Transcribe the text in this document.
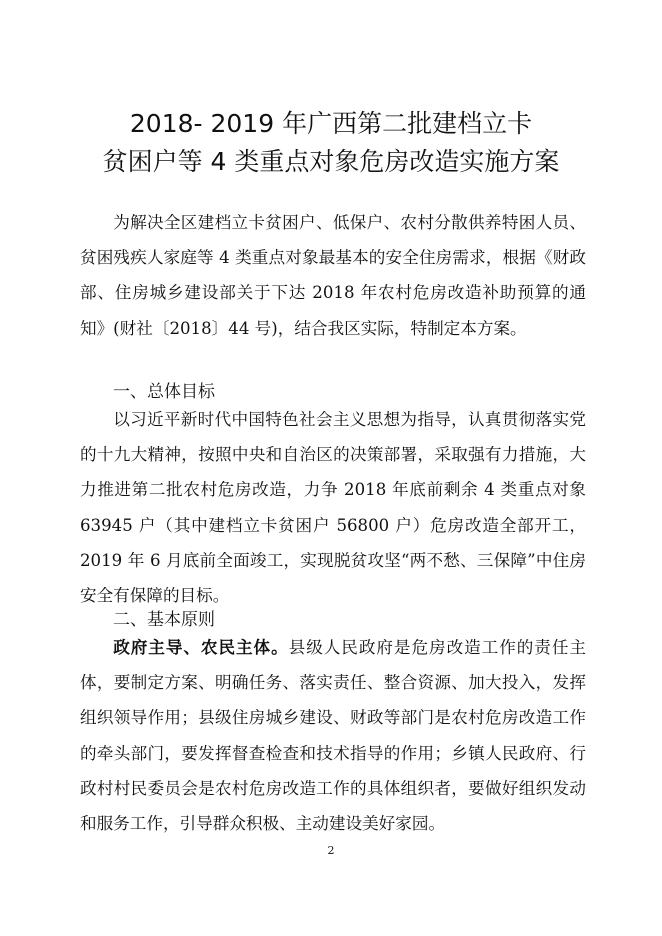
2018- 2019 年广西第二批建档立卡
贫困户等 4 类重点对象危房改造实施方案

为解决全区建档立卡贫困户、低保户、农村分散供养特困人员、贫困残疾人家庭等 4 类重点对象最基本的安全住房需求，根据《财政部、住房城乡建设部关于下达 2018 年农村危房改造补助预算的通知》(财社〔2018〕44 号)，结合我区实际，特制定本方案。

一、总体目标

以习近平新时代中国特色社会主义思想为指导，认真贯彻落实党的十九大精神，按照中央和自治区的决策部署，采取强有力措施，大力推进第二批农村危房改造，力争 2018 年底前剩余 4 类重点对象 63945 户（其中建档立卡贫困户 56800 户）危房改造全部开工，2019 年 6 月底前全面竣工，实现脱贫攻坚“两不愁、三保障”中住房安全有保障的目标。

二、基本原则

政府主导、农民主体。县级人民政府是危房改造工作的责任主体，要制定方案、明确任务、落实责任、整合资源、加大投入，发挥组织领导作用；县级住房城乡建设、财政等部门是农村危房改造工作的牵头部门，要发挥督查检查和技术指导的作用；乡镇人民政府、行政村村民委员会是农村危房改造工作的具体组织者，要做好组织发动和服务工作，引导群众积极、主动建设美好家园。

2
